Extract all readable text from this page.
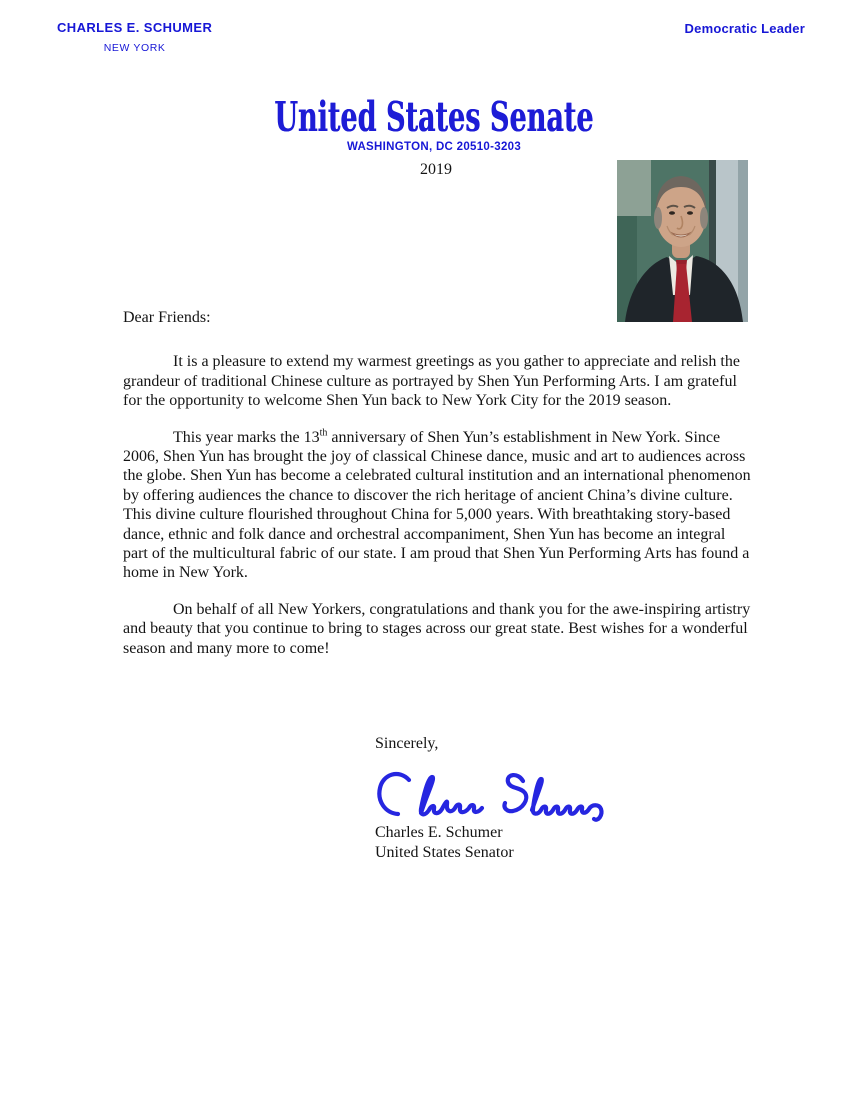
CHARLES E. SCHUMER
NEW YORK
Democratic Leader
United States Senate
WASHINGTON, DC 20510-3203
2019

Dear Friends:

It is a pleasure to extend my warmest greetings as you gather to appreciate and relish the grandeur of traditional Chinese culture as portrayed by Shen Yun Performing Arts. I am grateful for the opportunity to welcome Shen Yun back to New York City for the 2019 season.

This year marks the 13th anniversary of Shen Yun’s establishment in New York. Since 2006, Shen Yun has brought the joy of classical Chinese dance, music and art to audiences across the globe. Shen Yun has become a celebrated cultural institution and an international phenomenon by offering audiences the chance to discover the rich heritage of ancient China’s divine culture. This divine culture flourished throughout China for 5,000 years. With breathtaking story-based dance, ethnic and folk dance and orchestral accompaniment, Shen Yun has become an integral part of the multicultural fabric of our state. I am proud that Shen Yun Performing Arts has found a home in New York.

On behalf of all New Yorkers, congratulations and thank you for the awe-inspiring artistry and beauty that you continue to bring to stages across our great state. Best wishes for a wonderful season and many more to come!

Sincerely,
Charles E. Schumer
United States Senator
